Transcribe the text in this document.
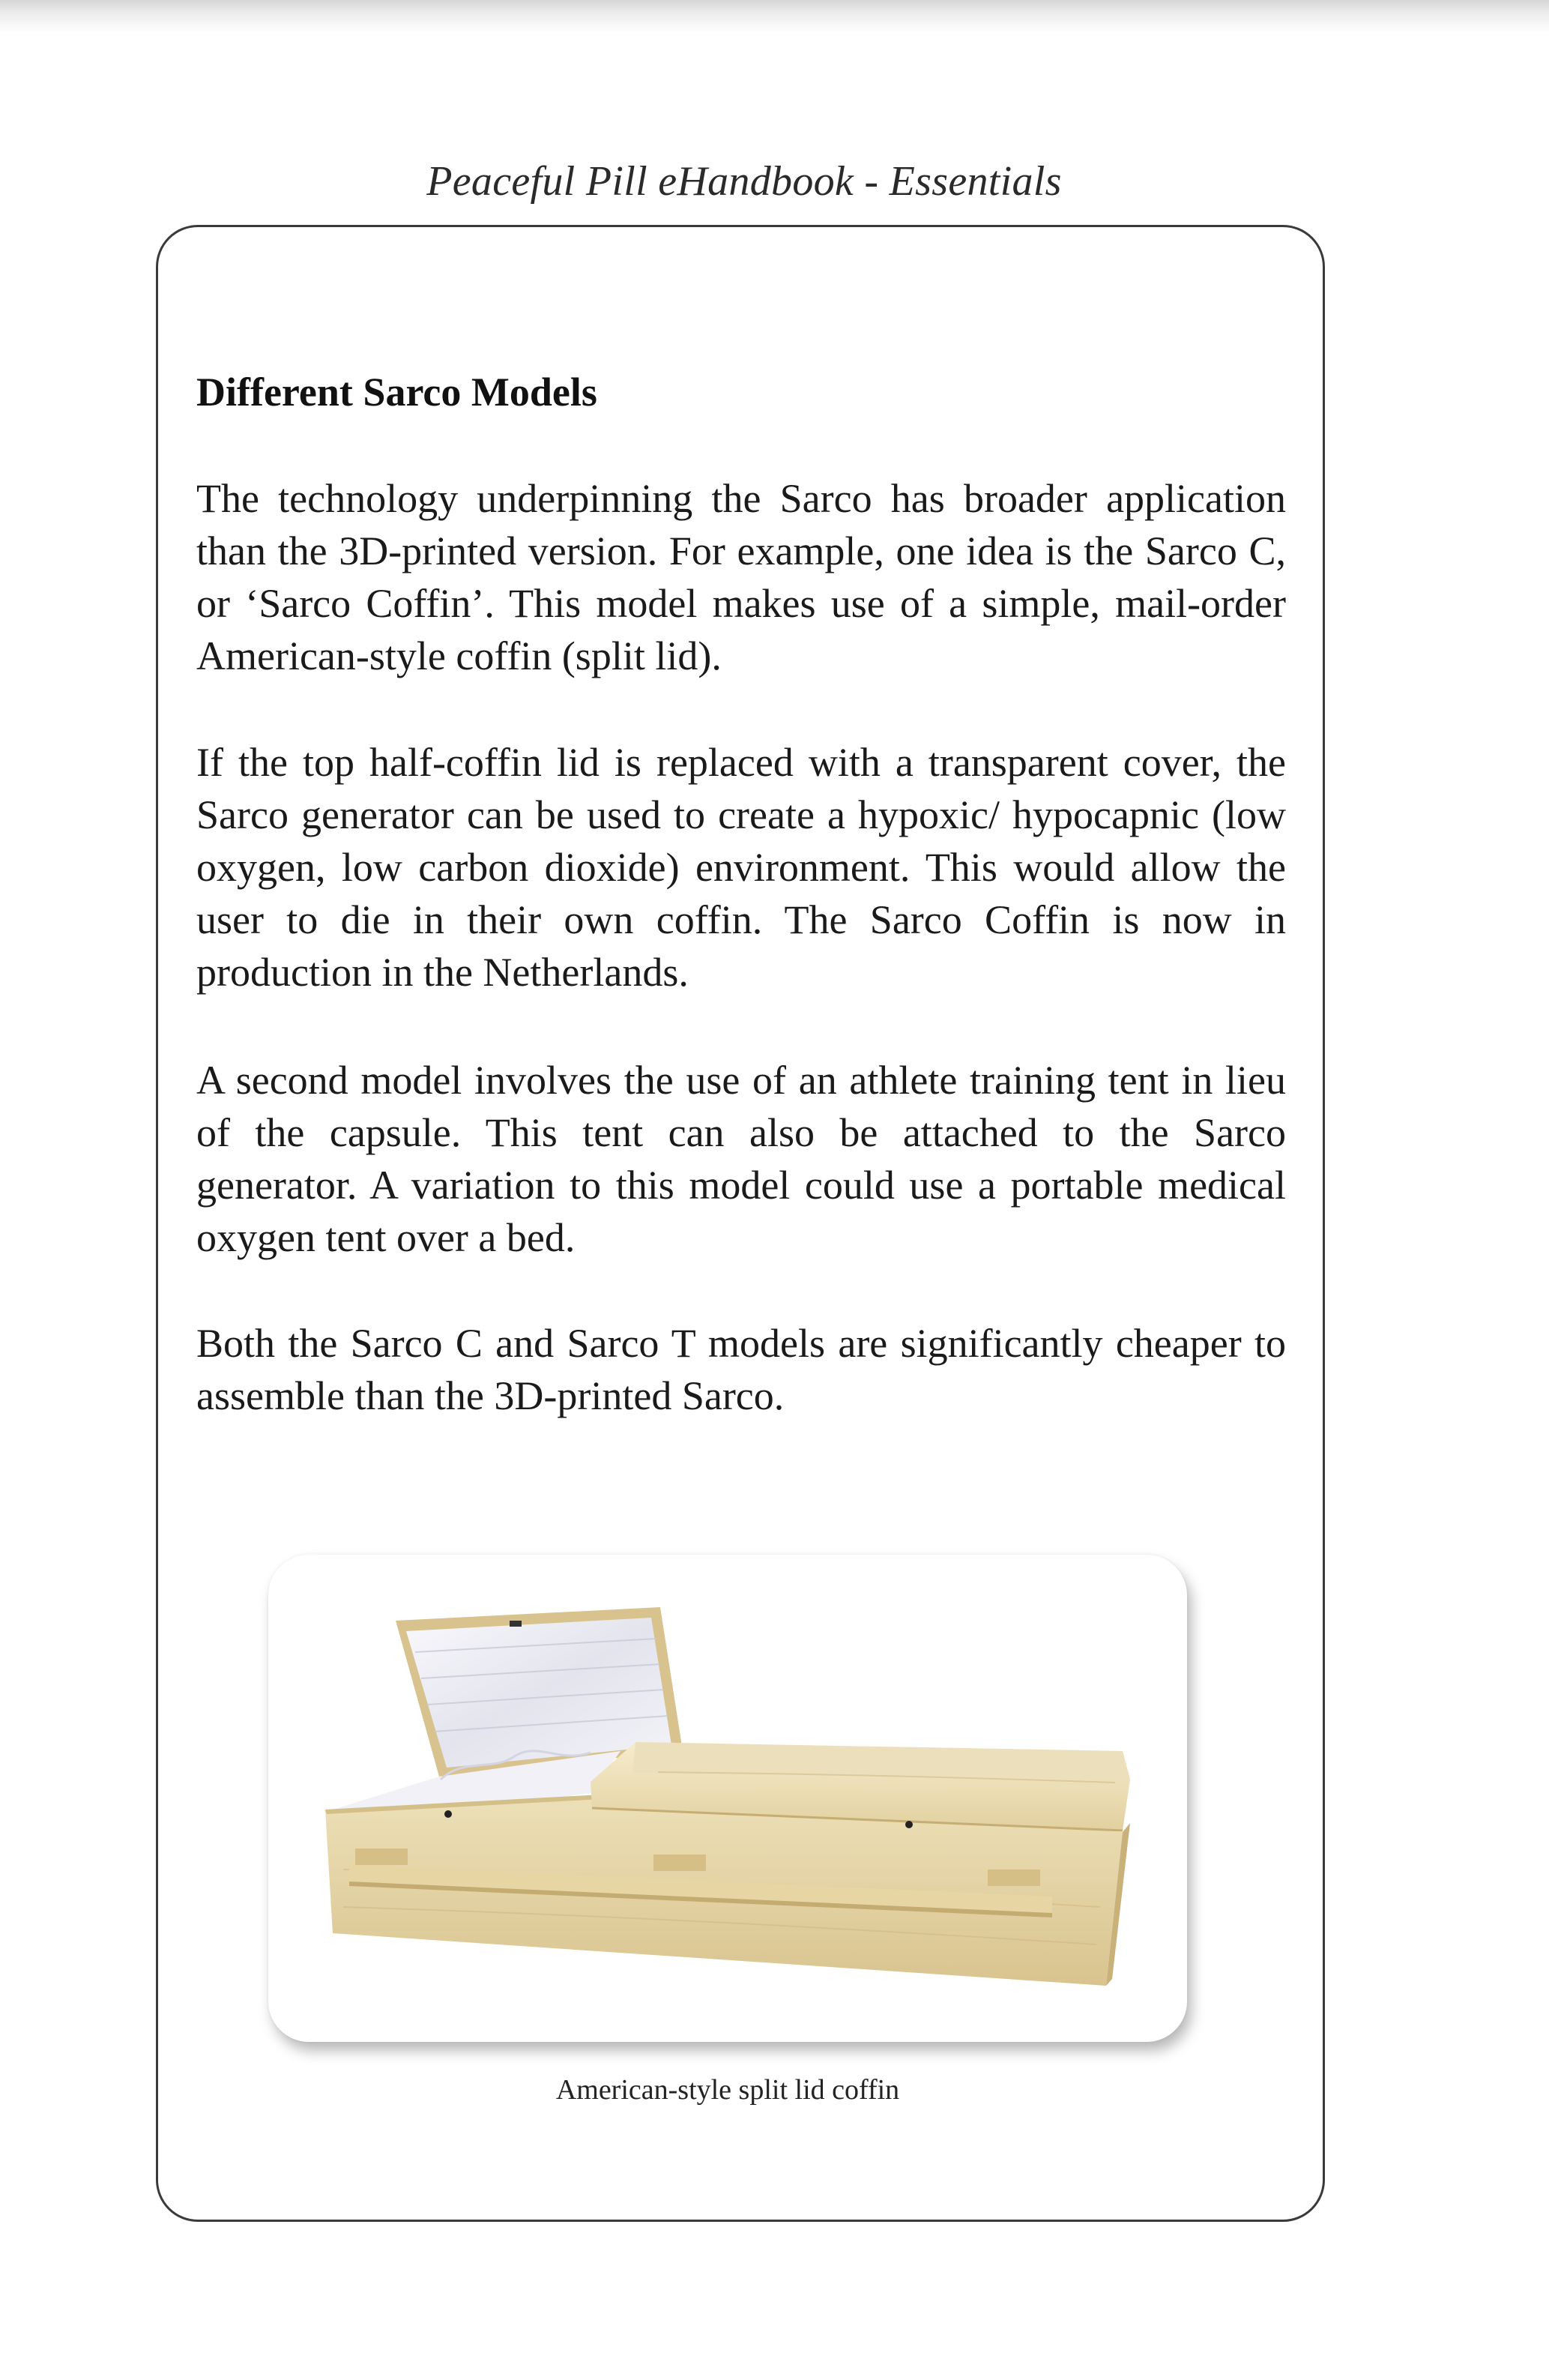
Peaceful Pill eHandbook - Essentials
Different Sarco Models

The technology underpinning the Sarco has broader application than the 3D-printed version. For example, one idea is the Sarco C, or ‘Sarco Coffin’. This model makes use of a simple, mail-order American-style coffin (split lid).

If the top half-coffin lid is replaced with a transparent cover, the Sarco generator can be used to create a hypoxic/ hypocapnic (low oxygen, low carbon dioxide) environment. This would allow the user to die in their own coffin. The Sarco Coffin is now in production in the Netherlands.

A second model involves the use of an athlete training tent in lieu of the capsule. This tent can also be attached to the Sarco generator. A variation to this model could use a portable medical oxygen tent over a bed.

Both the Sarco C and Sarco T models are significantly cheaper to assemble than the 3D-printed Sarco.

American-style split lid coffin
